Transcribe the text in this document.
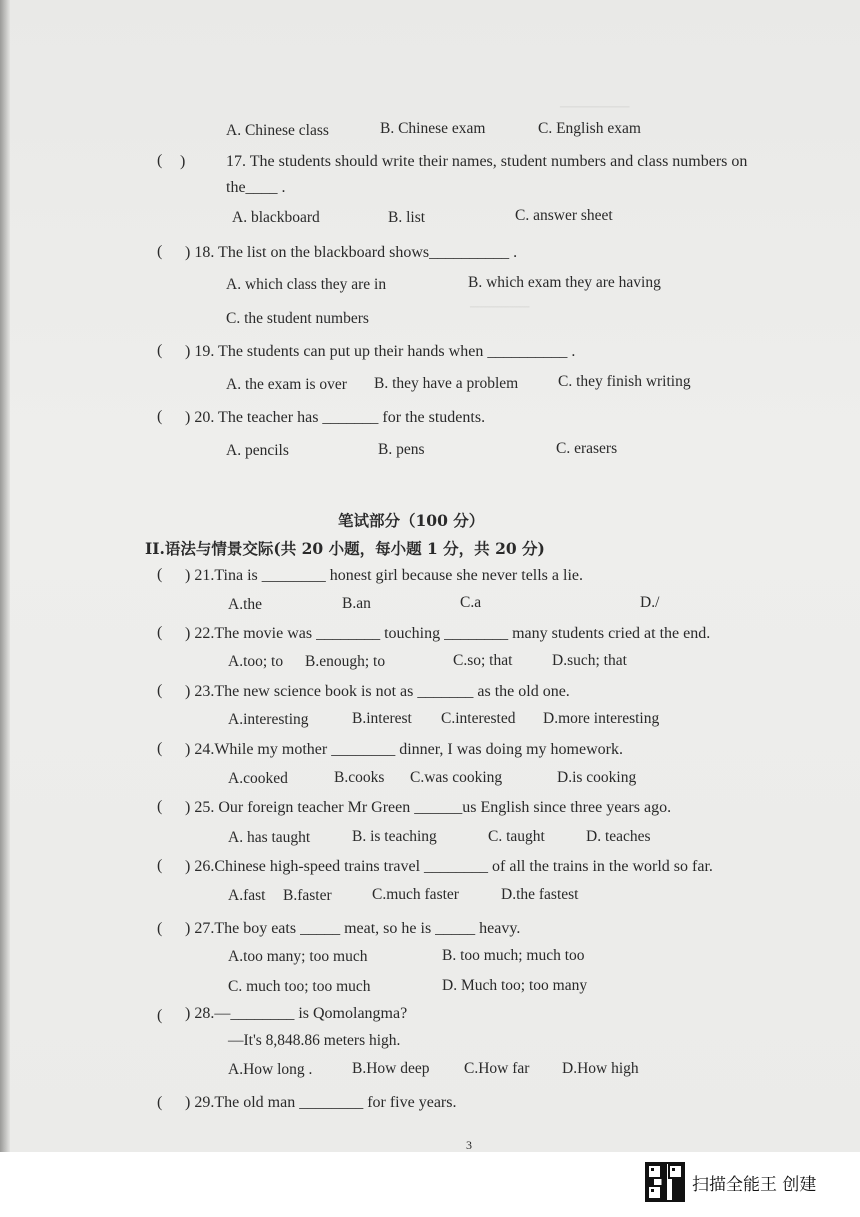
───────
──────
A. Chinese class	B. Chinese exam	C. English exam
( )	17. The students should write their names, student numbers and class numbers on
the____ .
A. blackboard	B. list	C. answer sheet
( ) 18. The list on the blackboard shows__________ .
A. which class they are in	B. which exam they are having
C. the student numbers
( ) 19. The students can put up their hands when __________ .
A. the exam is over B. they have a problem	C. they finish writing
( ) 20. The teacher has _______ for the students.
A. pencils	B. pens	C. erasers
笔试部分（100 分）
II.语法与情景交际(共 20 小题，每小题 1 分，共 20 分)
( ) 21.Tina is ________ honest girl because she never tells a lie.
A.the	B.an	C.a	D./
( ) 22.The movie was ________ touching ________ many students cried at the end.
A.too; to B.enough; to	C.so; that	D.such; that
( ) 23.The new science book is not as _______ as the old one.
A.interesting	B.interest C.interested D.more interesting
( ) 24.While my mother ________ dinner, I was doing my homework.
A.cooked	B.cooks C.was cooking	D.is cooking
( ) 25. Our foreign teacher Mr Green ______us English since three years ago.
A. has taught	B. is teaching	C. taught	D. teaches
( ) 26.Chinese high-speed trains travel ________ of all the trains in the world so far.
A.fast B.faster	C.much faster	D.the fastest
( ) 27.The boy eats _____ meat, so he is _____ heavy.
A.too many; too much	B. too much; much too
C. much too; too much	D. Much too; too many
( ) 28.—________ is Qomolangma?
—It's 8,848.86 meters high.
A.How long .	B.How deep C.How far D.How high
( ) 29.The old man ________ for five years.
3
扫描全能王 创建
